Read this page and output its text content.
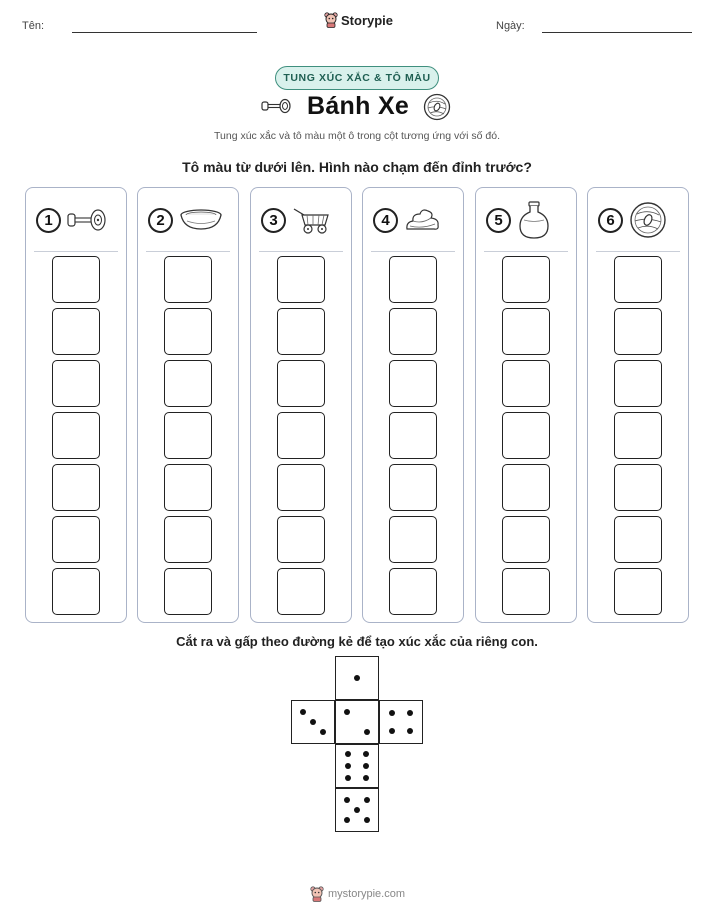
Tên:	Storypie	Ngày:
TUNG XÚC XẮC & TÔ MÀU
Bánh Xe
Tung xúc xắc và tô màu một ô trong cột tương ứng với số đó.
Tô màu từ dưới lên. Hình nào chạm đến đỉnh trước?
1	2	3	4	5	6
Cắt ra và gấp theo đường kẻ để tạo xúc xắc của riêng con.
mystorypie.com
